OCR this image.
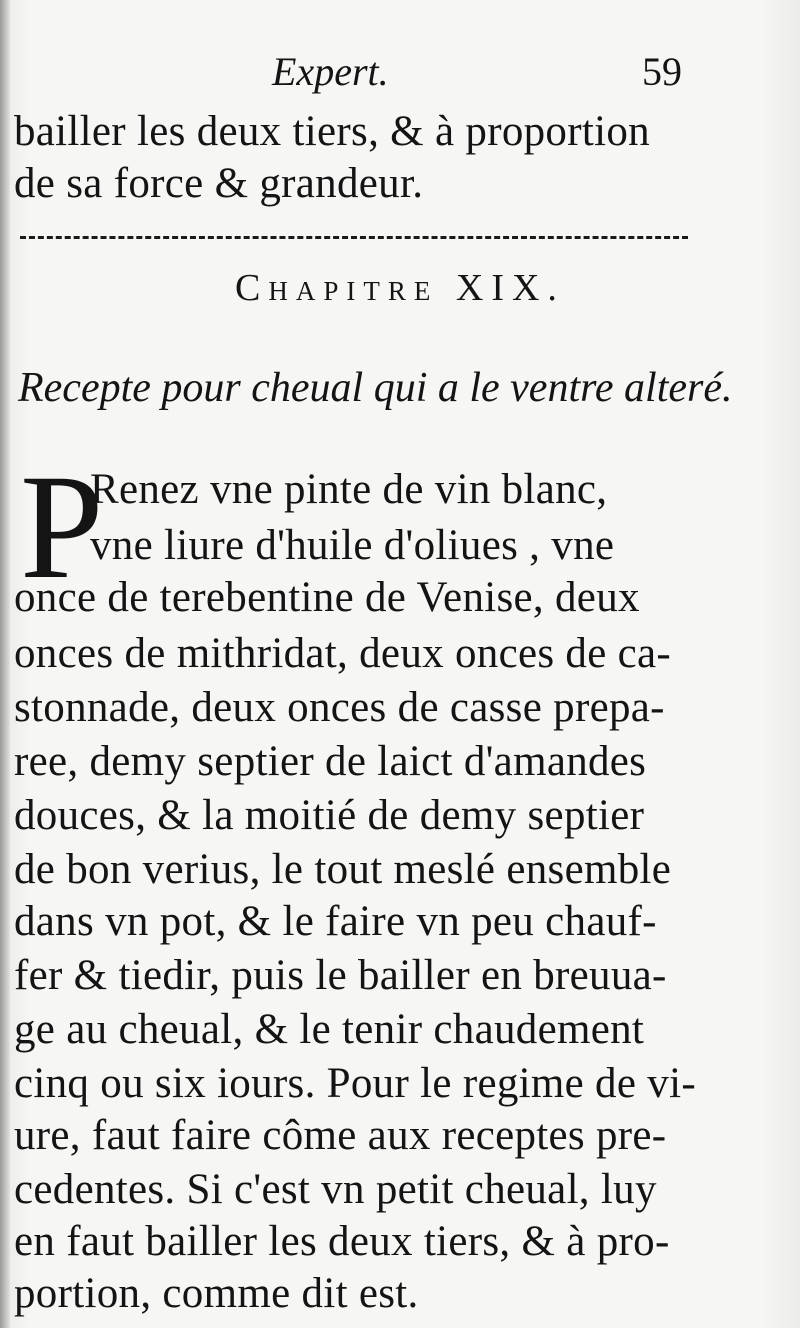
Expert.	59
bailler les deux tiers, & à proportion
de sa force & grandeur.
Chapitre XIX.
Recepte pour cheual qui a le ventre alteré.
P
Renez vne pinte de vin blanc,
vne liure d'huile d'oliues , vne
once de terebentine de Venise, deux
onces de mithridat, deux onces de ca-
stonnade, deux onces de casse prepa-
ree, demy septier de laict d'amandes
douces, & la moitié de demy septier
de bon verius, le tout meslé ensemble
dans vn pot, & le faire vn peu chauf-
fer & tiedir, puis le bailler en breuua-
ge au cheual, & le tenir chaudement
cinq ou six iours. Pour le regime de vi-
ure, faut faire côme aux receptes pre-
cedentes. Si c'est vn petit cheual, luy
en faut bailler les deux tiers, & à pro-
portion, comme dit est.
